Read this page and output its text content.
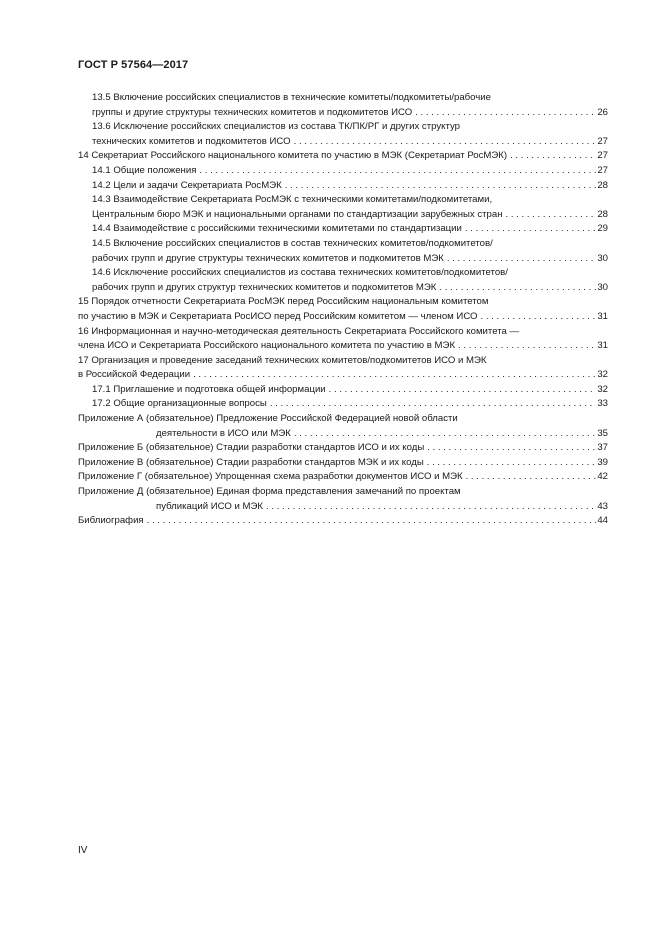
ГОСТ Р 57564—2017
13.5 Включение российских специалистов в технические комитеты/подкомитеты/рабочие
группы и другие структуры технических комитетов и подкомитетов ИСО . . .	26
13.6 Исключение российских специалистов из состава ТК/ПК/РГ и других структур
технических комитетов и подкомитетов ИСО . . .	27
14 Секретариат Российского национального комитета по участию в МЭК (Секретариат РосМЭК) . . .	27
14.1 Общие положения . . .	27
14.2 Цели и задачи Секретариата РосМЭК . . .	28
14.3 Взаимодействие Секретариата РосМЭК с техническими комитетами/подкомитетами,
Центральным бюро МЭК и национальными органами по стандартизации зарубежных стран . . .	28
14.4 Взаимодействие с российскими техническими комитетами по стандартизации . . .	29
14.5 Включение российских специалистов в состав технических комитетов/подкомитетов/
рабочих групп и другие структуры технических комитетов и подкомитетов МЭК . . .	30
14.6 Исключение российских специалистов из состава технических комитетов/подкомитетов/
рабочих групп и других структур технических комитетов и подкомитетов МЭК . . .	30
15 Порядок отчетности Секретариата РосМЭК перед Российским национальным комитетом
по участию в МЭК и Секретариата РосИСО перед Российским комитетом — членом ИСО . . .	31
16 Информационная и научно-методическая деятельность Секретариата Российского комитета —
члена ИСО и Секретариата Российского национального комитета по участию в МЭК . . .	31
17 Организация и проведение заседаний технических комитетов/подкомитетов ИСО и МЭК
в Российской Федерации . . .	32
17.1 Приглашение и подготовка общей информации . . .	32
17.2 Общие организационные вопросы . . .	33
Приложение А (обязательное) Предложение Российской Федерацией новой области
деятельности в ИСО или МЭК . . .	35
Приложение Б (обязательное) Стадии разработки стандартов ИСО и их коды . . .	37
Приложение В (обязательное) Стадии разработки стандартов МЭК и их коды . . .	39
Приложение Г (обязательное) Упрощенная схема разработки документов ИСО и МЭК . . .	42
Приложение Д (обязательное) Единая форма представления замечаний по проектам
публикаций ИСО и МЭК . . .	43
Библиография . . .	44
IV
